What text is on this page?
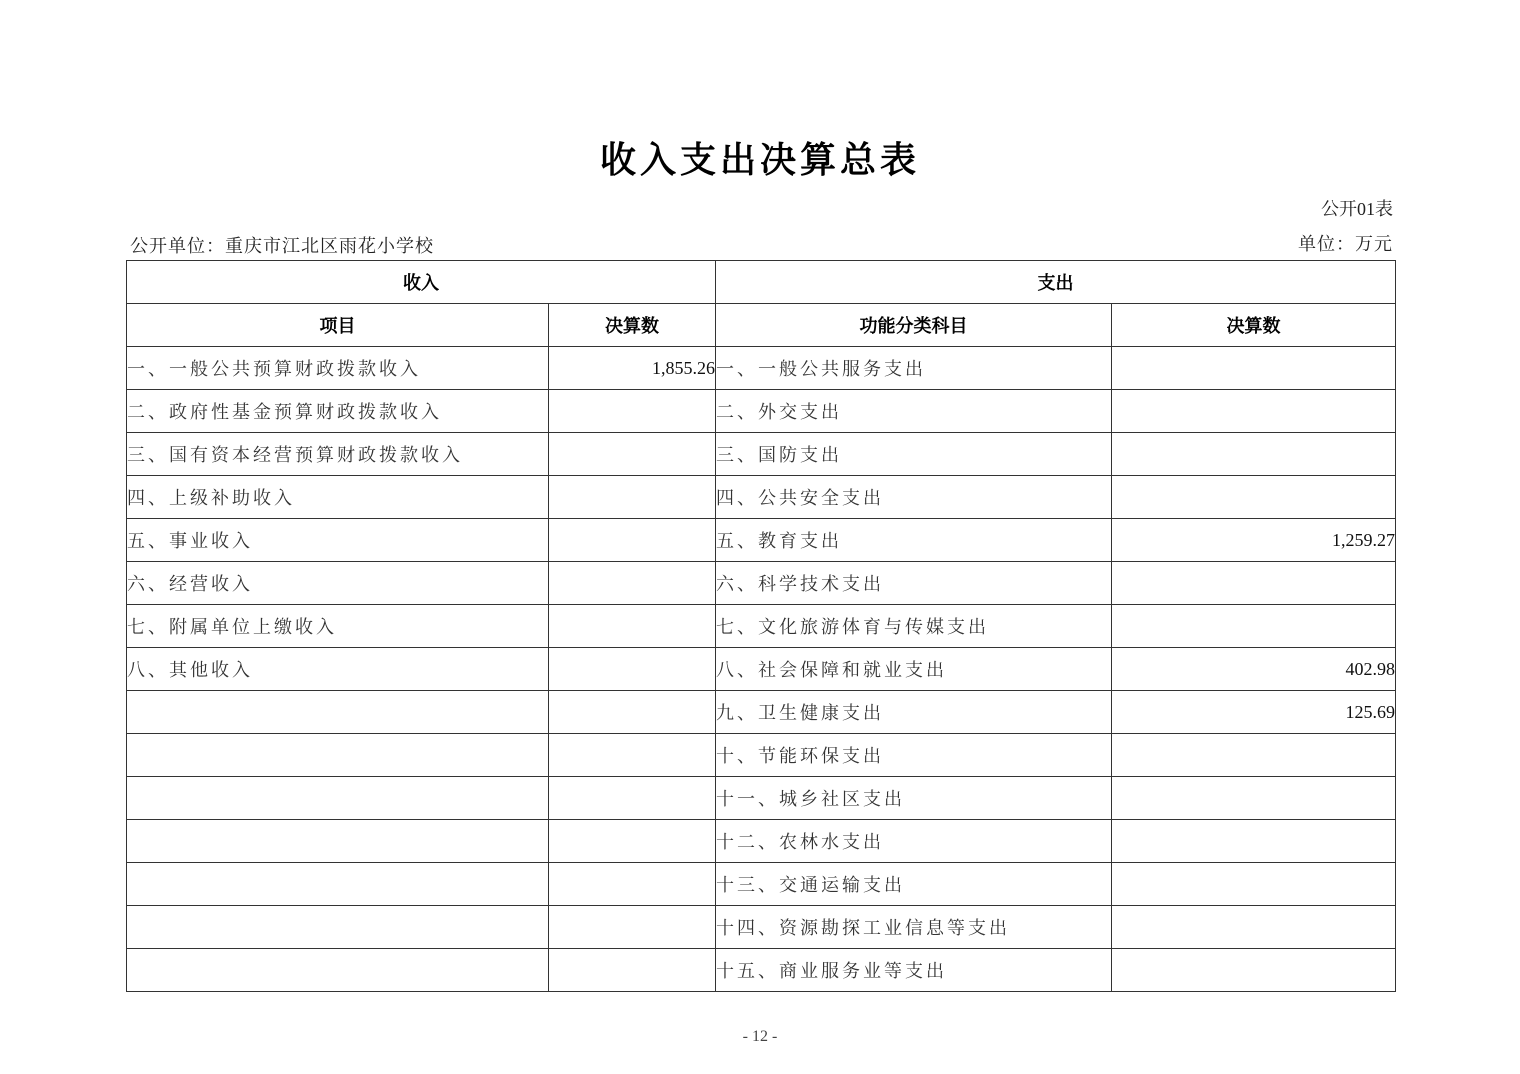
收入支出决算总表
公开01表
公开单位：重庆市江北区雨花小学校	单位：万元
收入		支出	
项目	决算数	功能分类科目	决算数
一、一般公共预算财政拨款收入	1,855.26	一、一般公共服务支出	
二、政府性基金预算财政拨款收入		二、外交支出	
三、国有资本经营预算财政拨款收入		三、国防支出	
四、上级补助收入		四、公共安全支出	
五、事业收入		五、教育支出	1,259.27
六、经营收入		六、科学技术支出	
七、附属单位上缴收入		七、文化旅游体育与传媒支出	
八、其他收入		八、社会保障和就业支出	402.98
		九、卫生健康支出	125.69
		十、节能环保支出	
		十一、城乡社区支出	
		十二、农林水支出	
		十三、交通运输支出	
		十四、资源勘探工业信息等支出	
		十五、商业服务业等支出	
- 12 -
